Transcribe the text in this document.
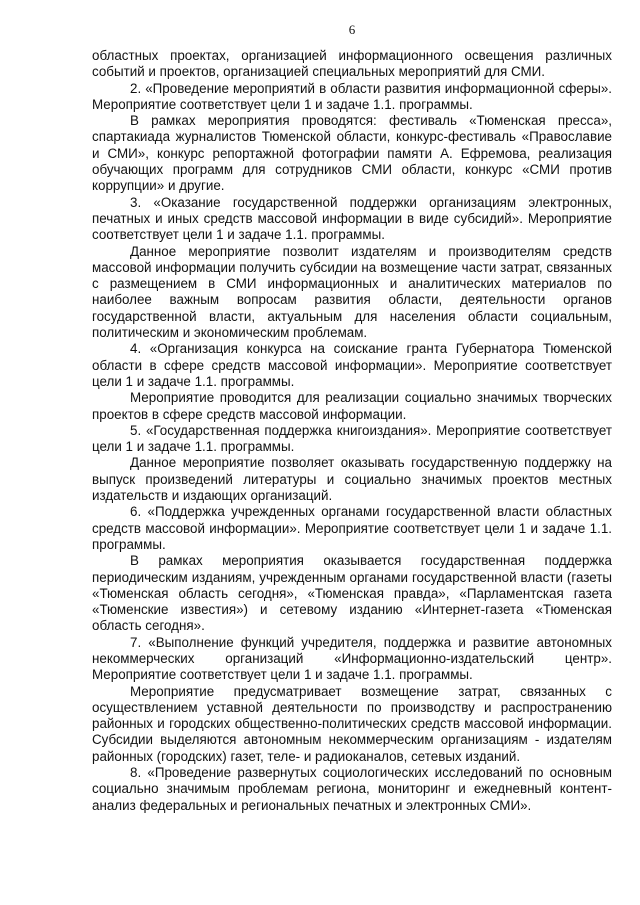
6

областных проектах, организацией информационного освещения различных событий и проектов, организацией специальных мероприятий для СМИ.

2. «Проведение мероприятий в области развития информационной сферы». Мероприятие соответствует цели 1 и задаче 1.1. программы.

В рамках мероприятия проводятся: фестиваль «Тюменская пресса», спартакиада журналистов Тюменской области, конкурс-фестиваль «Православие и СМИ», конкурс репортажной фотографии памяти А. Ефремова, реализация обучающих программ для сотрудников СМИ области, конкурс «СМИ против коррупции» и другие.

3. «Оказание государственной поддержки организациям электронных, печатных и иных средств массовой информации в виде субсидий». Мероприятие соответствует цели 1 и задаче 1.1. программы.

Данное мероприятие позволит издателям и производителям средств массовой информации получить субсидии на возмещение части затрат, связанных с размещением в СМИ информационных и аналитических материалов по наиболее важным вопросам развития области, деятельности органов государственной власти, актуальным для населения области социальным, политическим и экономическим проблемам.

4. «Организация конкурса на соискание гранта Губернатора Тюменской области в сфере средств массовой информации». Мероприятие соответствует цели 1 и задаче 1.1. программы.

Мероприятие проводится для реализации социально значимых творческих проектов в сфере средств массовой информации.

5. «Государственная поддержка книгоиздания». Мероприятие соответствует цели 1 и задаче 1.1. программы.

Данное мероприятие позволяет оказывать государственную поддержку на выпуск произведений литературы и социально значимых проектов местных издательств и издающих организаций.

6. «Поддержка учрежденных органами государственной власти областных средств массовой информации». Мероприятие соответствует цели 1 и задаче 1.1. программы.

В рамках мероприятия оказывается государственная поддержка периодическим изданиям, учрежденным органами государственной власти (газеты «Тюменская область сегодня», «Тюменская правда», «Парламентская газета «Тюменские известия») и сетевому изданию «Интернет-газета «Тюменская область сегодня».

7. «Выполнение функций учредителя, поддержка и развитие автономных некоммерческих организаций «Информационно-издательский центр». Мероприятие соответствует цели 1 и задаче 1.1. программы.

Мероприятие предусматривает возмещение затрат, связанных с осуществлением уставной деятельности по производству и распространению районных и городских общественно-политических средств массовой информации. Субсидии выделяются автономным некоммерческим организациям - издателям районных (городских) газет, теле- и радиоканалов, сетевых изданий.

8. «Проведение развернутых социологических исследований по основным социально значимым проблемам региона, мониторинг и ежедневный контент-анализ федеральных и региональных печатных и электронных СМИ».
